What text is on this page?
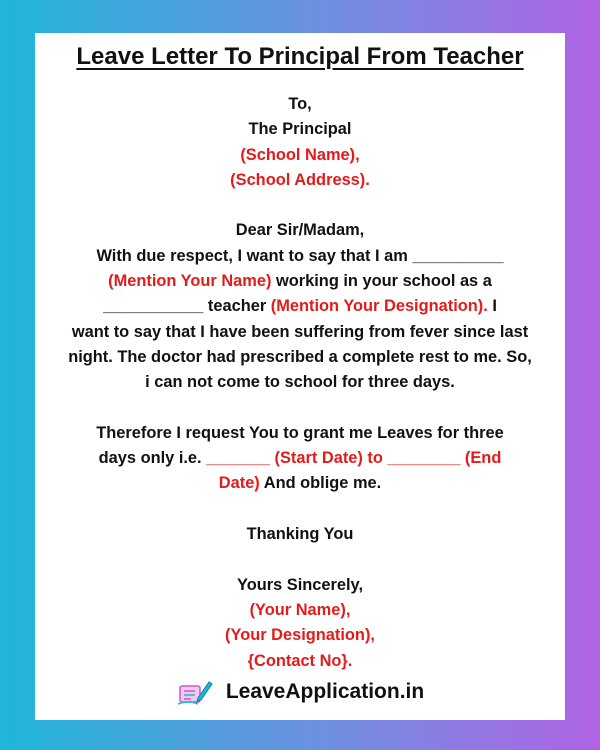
Leave Letter To Principal From Teacher

To,

The Principal

(School Name),

(School Address).

Dear Sir/Madam,

With due respect, I want to say that I am __________
(Mention Your Name) working in your school as a
___________ teacher (Mention Your Designation). I
want to say that I have been suffering from fever since last night. The doctor had prescribed a complete rest to me. So, i can not come to school for three days.

Therefore I request You to grant me Leaves for three
days only i.e. _______ (Start Date) to ________ (End
Date) And oblige me.

Thanking You

Yours Sincerely,

(Your Name),

(Your Designation),

{Contact No}.

LeaveApplication.in
